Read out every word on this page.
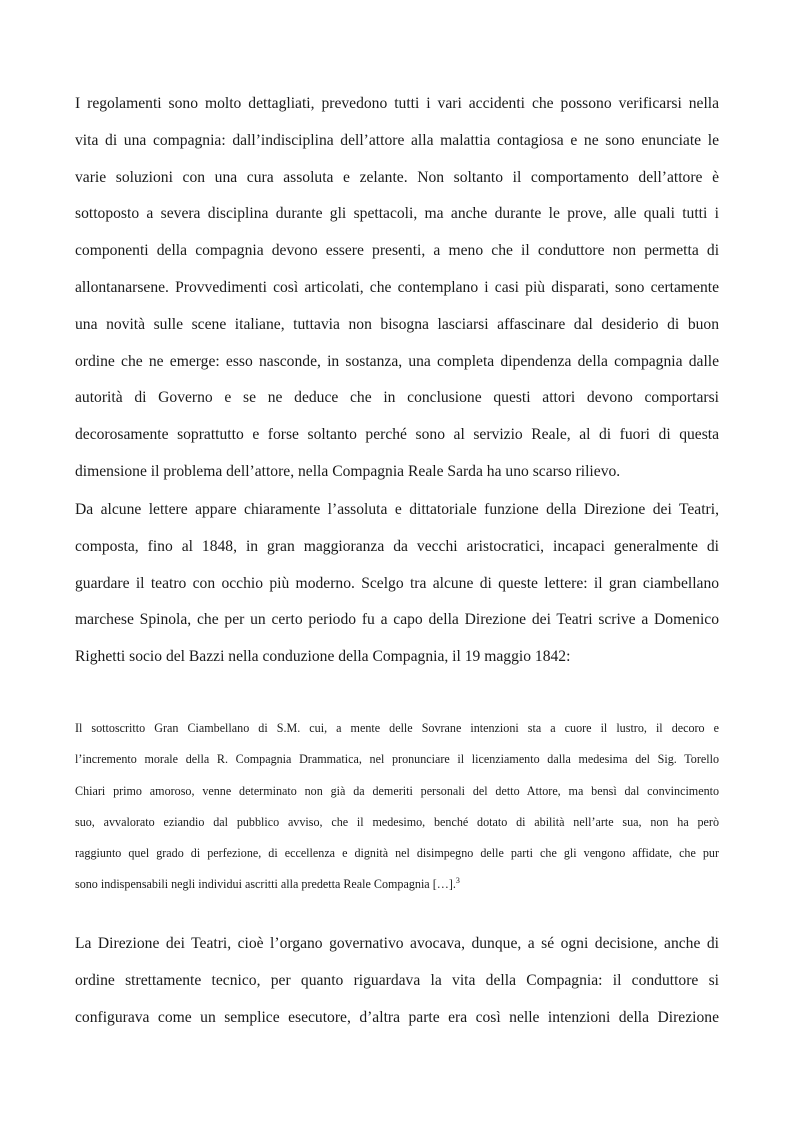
I regolamenti sono molto dettagliati, prevedono tutti i vari accidenti che possono verificarsi nella
vita di una compagnia: dall’indisciplina dell’attore alla malattia contagiosa e ne sono enunciate le
varie soluzioni con una cura assoluta e zelante. Non soltanto il comportamento dell’attore è
sottoposto a severa disciplina durante gli spettacoli, ma anche durante le prove, alle quali tutti i
componenti della compagnia devono essere presenti, a meno che il conduttore non permetta di
allontanarsene. Provvedimenti così articolati, che contemplano i casi più disparati, sono certamente
una novità sulle scene italiane, tuttavia non bisogna lasciarsi affascinare dal desiderio di buon
ordine che ne emerge: esso nasconde, in sostanza, una completa dipendenza della compagnia dalle
autorità di Governo e se ne deduce che in conclusione questi attori devono comportarsi
decorosamente soprattutto e forse soltanto perché sono al servizio Reale, al di fuori di questa
dimensione il problema dell’attore, nella Compagnia Reale Sarda ha uno scarso rilievo.
Da alcune lettere appare chiaramente l’assoluta e dittatoriale funzione della Direzione dei Teatri,
composta, fino al 1848, in gran maggioranza da vecchi aristocratici, incapaci generalmente di
guardare il teatro con occhio più moderno. Scelgo tra alcune di queste lettere: il gran ciambellano
marchese Spinola, che per un certo periodo fu a capo della Direzione dei Teatri scrive a Domenico
Righetti socio del Bazzi nella conduzione della Compagnia, il 19 maggio 1842:
Il sottoscritto Gran Ciambellano di S.M. cui, a mente delle Sovrane intenzioni sta a cuore il lustro, il decoro e
l’incremento morale della R. Compagnia Drammatica, nel pronunciare il licenziamento dalla medesima del Sig. Torello
Chiari primo amoroso, venne determinato non già da demeriti personali del detto Attore, ma bensì dal convincimento
suo, avvalorato eziandio dal pubblico avviso, che il medesimo, benché dotato di abilità nell’arte sua, non ha però
raggiunto quel grado di perfezione, di eccellenza e dignità nel disimpegno delle parti che gli vengono affidate, che pur
sono indispensabili negli individui ascritti alla predetta Reale Compagnia […].$^3$
La Direzione dei Teatri, cioè l’organo governativo avocava, dunque, a sé ogni decisione, anche di
ordine strettamente tecnico, per quanto riguardava la vita della Compagnia: il conduttore si
configurava come un semplice esecutore, d’altra parte era così nelle intenzioni della Direzione
